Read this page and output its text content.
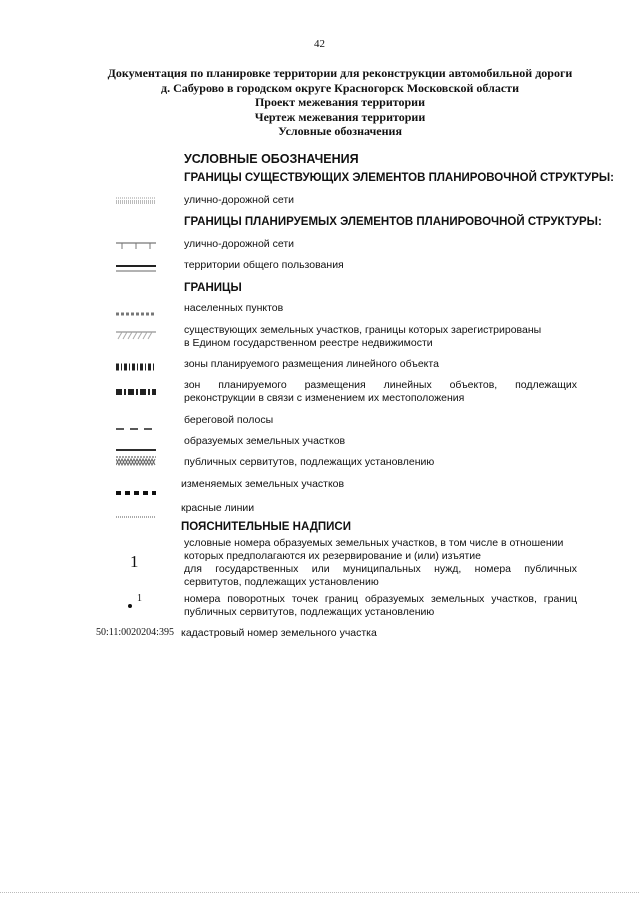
42
Документация по планировке территории для реконструкции автомобильной дороги
д. Сабурово в городском округе Красногорск Московской области
Проект межевания территории
Чертеж межевания территории
Условные обозначения
УСЛОВНЫЕ ОБОЗНАЧЕНИЯ
ГРАНИЦЫ СУЩЕСТВУЮЩИХ ЭЛЕМЕНТОВ ПЛАНИРОВОЧНОЙ СТРУКТУРЫ:
улично-дорожной сети
ГРАНИЦЫ ПЛАНИРУЕМЫХ ЭЛЕМЕНТОВ ПЛАНИРОВОЧНОЙ СТРУКТУРЫ:
улично-дорожной сети
территории общего пользования
ГРАНИЦЫ
населенных пунктов
существующих земельных участков, границы которых зарегистрированы
в Едином государственном реестре недвижимости
зоны планируемого размещения линейного объекта
зон планируемого размещения линейных объектов, подлежащих
реконструкции в связи с изменением их местоположения
береговой полосы
образуемых земельных участков
публичных сервитутов, подлежащих установлению
изменяемых земельных участков
красные линии
ПОЯСНИТЕЛЬНЫЕ НАДПИСИ
1
условные номера образуемых земельных участков, в том числе в отношении
которых предполагаются их резервирование и (или) изъятие
для государственных или муниципальных нужд, номера публичных
сервитутов, подлежащих установлению
1	номера поворотных точек границ образуемых земельных участков, границ
публичных сервитутов, подлежащих установлению
50:11:0020204:395 кадастровый номер земельного участка
